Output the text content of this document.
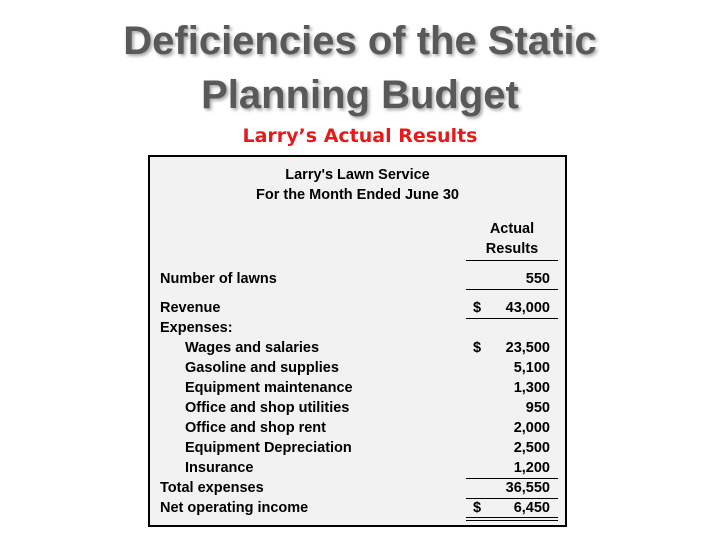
Deficiencies of the Static
Planning Budget
Larry’s Actual Results
Larry's Lawn Service
For the Month Ended June 30
Actual
Results
Number of lawns	550
Revenue	$ 43,000
Expenses:
Wages and salaries	$ 23,500
Gasoline and supplies	5,100
Equipment maintenance	1,300
Office and shop utilities	950
Office and shop rent	2,000
Equipment Depreciation	2,500
Insurance	1,200
Total expenses	36,550
Net operating income	$ 6,450
